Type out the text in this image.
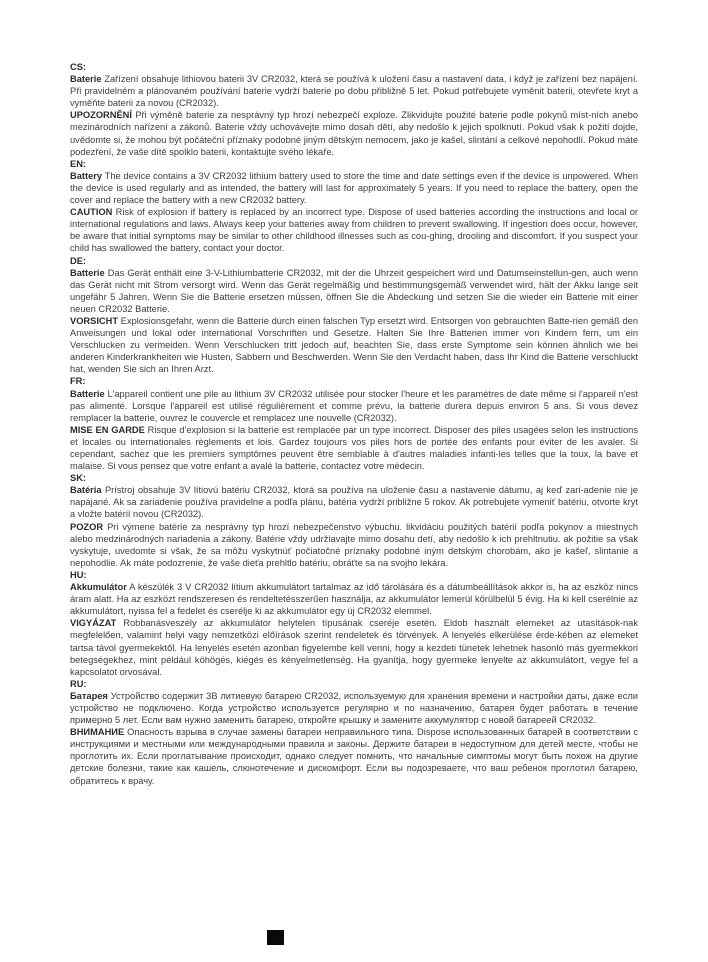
CS:

Baterie Zařízení obsahuje lithiovou baterii 3V CR2032, která se používá k uložení času a nastavení data, i když je zařízení bez napájení. Při pravidelném a plánovaném používání baterie vydrží baterie po dobu přibližně 5 let. Pokud potřebujete vyměnit baterii, otevřete kryt a vyměňte baterii za novou (CR2032).

UPOZORNĚNÍ Při výměně baterie za nesprávný typ hrozí nebezpečí exploze. Zlikvidujte použité baterie podle pokynů míst-ních anebo mezinárodních nařízení a zákonů. Baterie vždy uchovávejte mimo dosah dětí, aby nedošlo k jejich spolknutí. Pokud však k požití dojde, uvědomte si, že mohou být počáteční příznaky podobné jiným dětským nemocem, jako je kašel, slintání a celkové nepohodlí. Pokud máte podezření, že vaše dítě spolklo baterii, kontaktujte svého lékaře.

EN:

Battery The device contains a 3V CR2032 lithium battery used to store the time and date settings even if the device is unpowered. When the device is used regularly and as intended, the battery will last for approximately 5 years. If you need to replace the battery, open the cover and replace the battery with a new CR2032 battery.

CAUTION Risk of explosion if battery is replaced by an incorrect type. Dispose of used batteries according the instructions and local or international regulations and laws. Always keep your batteries away from children to prevent swallowing. If ingestion does occur, however, be aware that initial symptoms may be similar to other childhood illnesses such as cou-ghing, drooling and discomfort. If you suspect your child has swallowed the battery, contact your doctor.

DE:

Batterie Das Gerät enthält eine 3-V-Lithiumbatterie CR2032, mit der die Uhrzeit gespeichert wird und Datumseinstellun-gen, auch wenn das Gerät nicht mit Strom versorgt wird. Wenn das Gerät regelmäßig und bestimmungsgemäß verwendet wird, hält der Akku lange seit ungefähr 5 Jahren. Wenn Sie die Batterie ersetzen müssen, öffnen Sie die Abdeckung und setzen Sie die wieder ein Batterie mit einer neuen CR2032 Batterie.

VORSICHT Explosionsgefahr, wenn die Batterie durch einen falschen Typ ersetzt wird. Entsorgen von gebrauchten Batte-rien gemäß den Anweisungen und lokal oder international Vorschriften und Gesetze. Halten Sie Ihre Batterien immer von Kindern fern, um ein Verschlucken zu vermeiden. Wenn Verschlucken tritt jedoch auf, beachten Sie, dass erste Symptome sein können ähnlich wie bei anderen Kinderkrankheiten wie Husten, Sabbern und Beschwerden. Wenn Sie den Verdacht haben, dass Ihr Kind die Batterie verschluckt hat, wenden Sie sich an Ihren Arzt.

FR:

Batterie L'appareil contient une pile au lithium 3V CR2032 utilisée pour stocker l'heure et les paramètres de date même si l'appareil n'est pas alimenté. Lorsque l'appareil est utilisé régulièrement et comme prévu, la batterie durera depuis environ 5 ans. Si vous devez remplacer la batterie, ouvrez le couvercle et remplacez une nouvelle (CR2032).

MISE EN GARDE Risque d'explosion si la batterie est remplacée par un type incorrect. Disposer des piles usagées selon les instructions et locales ou internationales règlements et lois. Gardez toujours vos piles hors de portée des enfants pour éviter de les avaler. Si cependant, sachez que les premiers symptômes peuvent être semblable à d'autres maladies infanti-les telles que la toux, la bave et malaise. Si vous pensez que votre enfant a avalé la batterie, contactez votre médecin.

SK:

Batéria Prístroj obsahuje 3V lítiovú batériu CR2032, ktorá sa používa na uloženie času a nastavenie dátumu, aj keď zari-adenie nie je napájané. Ak sa zariadenie používa pravidelne a podľa plánu, batéria vydrží približne 5 rokov. Ak potrebujete vymeniť batériu, otvorte kryt a vložte batérií novou (CR2032).

POZOR Pri výmene batérie za nesprávny typ hrozí nebezpečenstvo výbuchu. likvidáciu použitých batérií podľa pokynov a miestnych alebo medzinárodných nariadenia a zákony. Batérie vždy udržiavajte mimo dosahu detí, aby nedošlo k ich prehltnutiu. ak požitie sa však vyskytuje, uvedomte si však, že sa môžu vyskytnúť počiatočné príznaky podobné iným detským chorobám, ako je kašeľ, slintanie a nepohodlie. Ak máte podozrenie, že vaše dieťa prehltlo batériu, obráťte sa na svojho lekára.

HU:

Akkumulátor A készülék 3 V CR2032 lítium akkumulátort tartalmaz az idő tárolására és a dátumbeállítások akkor is, ha az eszköz nincs áram alatt. Ha az eszközt rendszeresen és rendeltetésszerűen használja, az akkumulátor lemerül körülbelül 5 évig. Ha ki kell cserélnie az akkumulátort, nyissa fel a fedelet és cserélje ki az akkumulátor egy új CR2032 elemmel.

VIGYÁZAT Robbanásveszély az akkumulátor helytelen típusának cseréje esetén. Eldob használt elemeket az utasítások-nak megfelelően, valamint helyi vagy nemzetközi előírások szerint rendeletek és törvények. A lenyelés elkerülése érde-kében az elemeket tartsa távol gyermekektől. Ha lenyelés esetén azonban figyelembe kell venni, hogy a kezdeti tünetek lehetnek hasonló más gyermekkori betegségekhez, mint például köhögés, kiégés és kényelmetlenség. Ha gyanítja, hogy gyermeke lenyelte az akkumulátort, vegye fel a kapcsolatot orvosával.

RU:

Батарея Устройство содержит 3В литиевую батарею CR2032, используемую для хранения времени и настройки даты, даже если устройство не подключено. Когда устройство используется регулярно и по назначению, батарея будет работать в течение примерно 5 лет. Если вам нужно заменить батарею, откройте крышку и замените аккумулятор с новой батареей CR2032.

ВНИМАНИЕ Опасность взрыва в случае замены батареи неправильного типа. Dispose использованных батарей в соответствии с инструкциями и местными или международными правила и законы. Держите батареи в недоступном для детей месте, чтобы не проглотить их. Если проглатывание происходит, однако следует помнить, что начальные симптомы могут быть похож на другие детские болезни, такие как кашель, слюнотечение и дискомфорт. Если вы подозреваете, что ваш ребенок проглотил батарею, обратитесь к врачу.
